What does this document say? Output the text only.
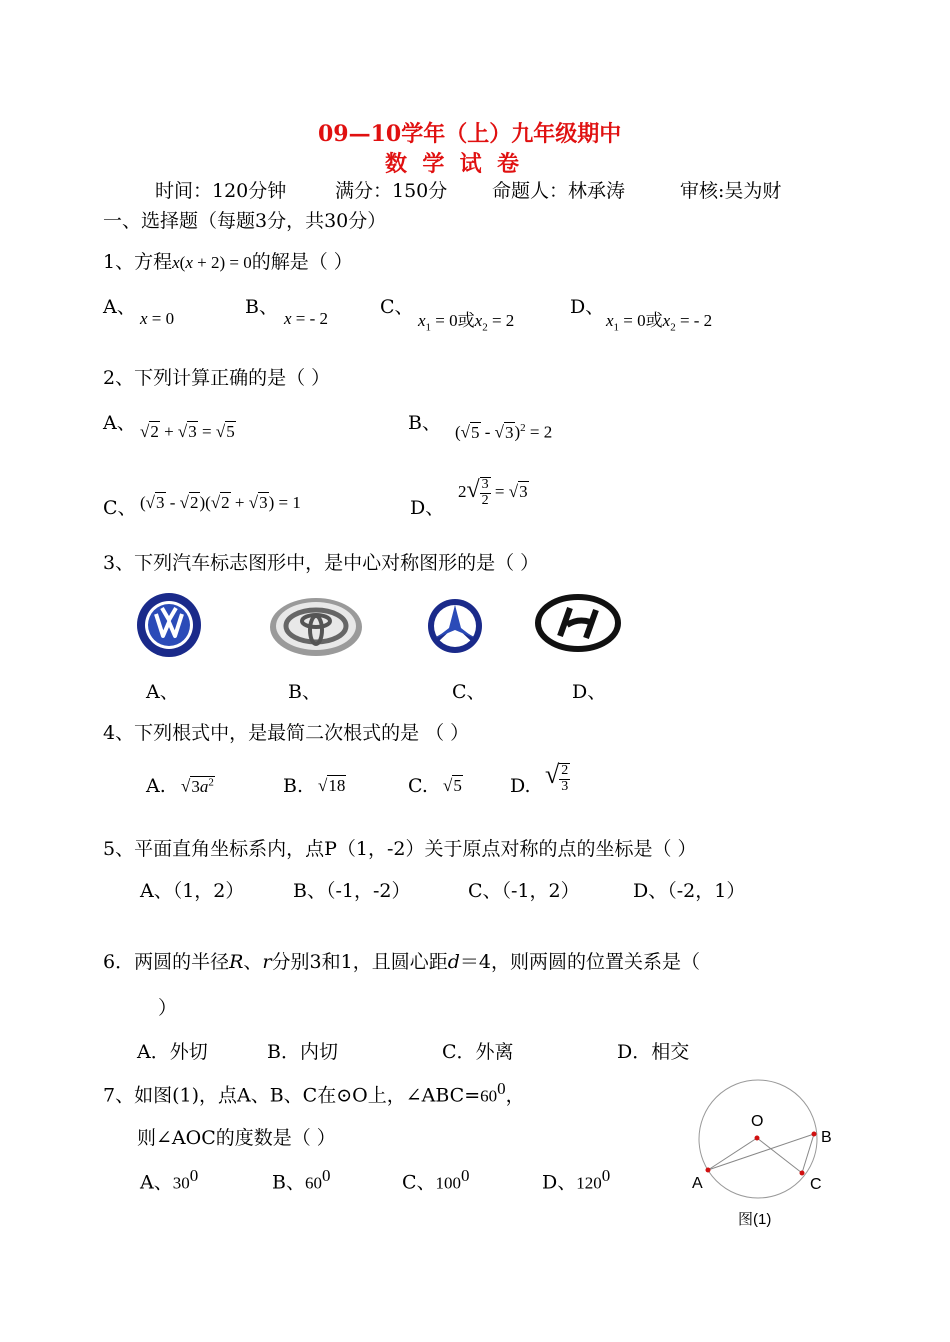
09—10学年（上）九年级期中
数  学  试  卷
时间：120分钟	满分：150分 命题人：林承涛	审核:吴为财
一、选择题（每题3分，共30分）
1、方程x(x + 2) = 0的解是（ ）
A、
x = 0
B、
x = - 2
C、
$x_1 = 0$或$x_2 = 2$
D、
$x_1 = 0$或$x_2$ = - 2
2、下列计算正确的是（ ）
A、 √2 + √3 = √5	B、 (√5 - √3)$^2$ = 2
C、 (√3 - √2)(√2 + √3) = 1	D、
$2√ \frac{3}{2} = √3$
3、下列汽车标志图形中，是中心对称图形的是（ ）
A、	B、	C、	D、
4、下列根式中，是最简二次根式的是 （ ）
A. $√3a^2$	B. √18	C. √5	D. √ $\frac{2}{3}$
5、平面直角坐标系内，点P（1，-2）关于原点对称的点的坐标是（ ）
A、（1，2）	B、（-1，-2）	C、（-1，2）	D、（-2，1）
6．两圆的半径R、r分别3和1，且圆心距d＝4，则两圆的位置关系是（
）
A．外切	B．内切	C．外离	D．相交
7、如图(1)，点A、B、C在⊙O上，$\angle ABC=60^0$，
则∠AOC的度数是（ ）
A、$30^0$	B、$60^0$	C、$100^0$	D、$120^0$
O
A
B
C
图(1)
